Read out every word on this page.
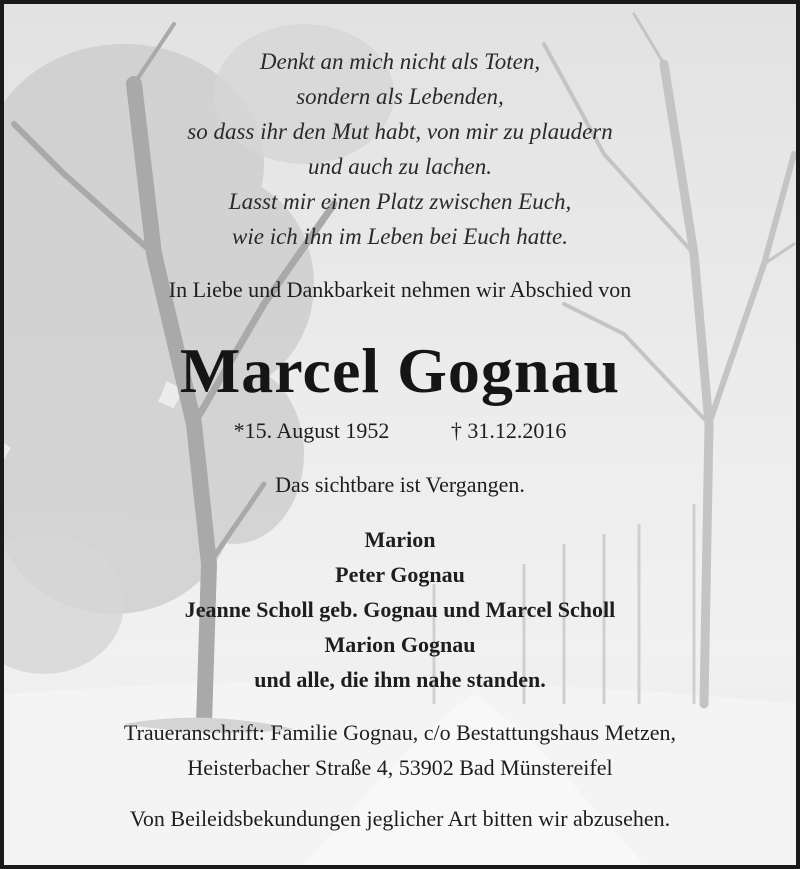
Denkt an mich nicht als Toten,
sondern als Lebenden,
so dass ihr den Mut habt, von mir zu plaudern
und auch zu lachen.
Lasst mir einen Platz zwischen Euch,
wie ich ihn im Leben bei Euch hatte.
In Liebe und Dankbarkeit nehmen wir Abschied von
Marcel Gognau
*15. August 1952	† 31.12.2016
Das sichtbare ist Vergangen.
Marion
Peter Gognau
Jeanne Scholl geb. Gognau und Marcel Scholl
Marion Gognau
und alle, die ihm nahe standen.
Traueranschrift: Familie Gognau, c/o Bestattungshaus Metzen,
Heisterbacher Straße 4, 53902 Bad Münstereifel
Von Beileidsbekundungen jeglicher Art bitten wir abzusehen.
